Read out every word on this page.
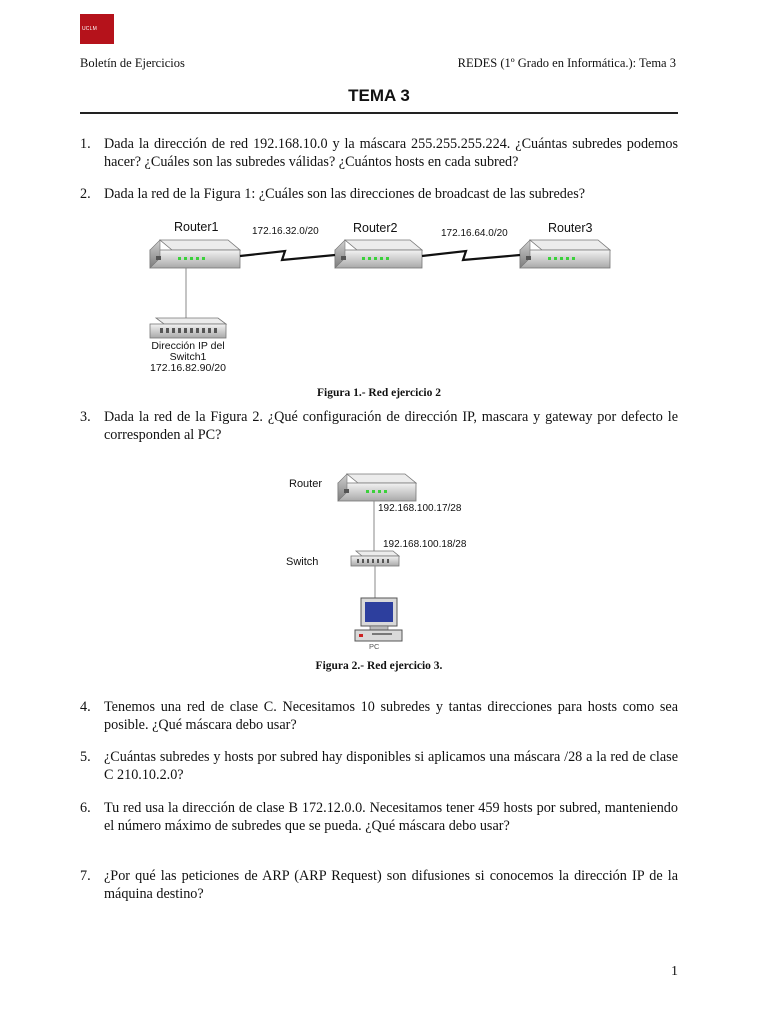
UCLM
Boletín de Ejercicios	REDES (1º Grado en Informática.): Tema 3
TEMA 3
1. Dada la dirección de red 192.168.10.0 y la máscara 255.255.255.224. ¿Cuántas subredes podemos hacer? ¿Cuáles son las subredes válidas? ¿Cuántos hosts en cada subred?
2. Dada la red de la Figura 1: ¿Cuáles son las direcciones de broadcast de las subredes?
Router1	Router2	Router3
172.16.32.0/20	172.16.64.0/20
Dirección IP del
Switch1
172.16.82.90/20
Figura 1.- Red ejercicio 2
3. Dada la red de la Figura 2. ¿Qué configuración de dirección IP, mascara y gateway por defecto le corresponden al PC?
Router
192.168.100.17/28
192.168.100.18/28
Switch
PC
Figura 2.- Red ejercicio 3.
4. Tenemos una red de clase C. Necesitamos 10 subredes y tantas direcciones para hosts como sea posible. ¿Qué máscara debo usar?
5. ¿Cuántas subredes y hosts por subred hay disponibles si aplicamos una máscara /28 a la red de clase C 210.10.2.0?
6. Tu red usa la dirección de clase B 172.12.0.0. Necesitamos tener 459 hosts por subred, manteniendo el número máximo de subredes que se pueda. ¿Qué máscara debo usar?
7. ¿Por qué las peticiones de ARP (ARP Request) son difusiones si conocemos la dirección IP de la máquina destino?
1
